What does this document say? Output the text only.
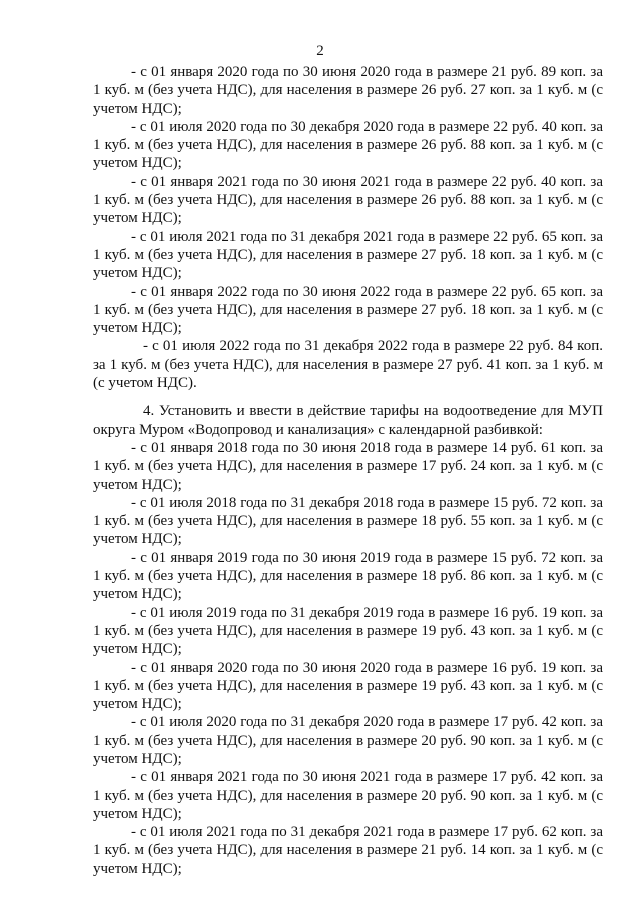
2

- с 01 января 2020 года по 30 июня 2020 года в размере 21 руб. 89 коп. за 1 куб. м (без учета НДС), для населения в размере 26 руб. 27 коп. за 1 куб. м (с учетом НДС);

- с 01 июля 2020 года по 30 декабря 2020 года в размере 22 руб. 40 коп. за 1 куб. м (без учета НДС), для населения в размере 26 руб. 88 коп. за 1 куб. м (с учетом НДС);

- с 01 января 2021 года по 30 июня 2021 года в размере 22 руб. 40 коп. за 1 куб. м (без учета НДС), для населения в размере 26 руб. 88 коп. за 1 куб. м (с учетом НДС);

- с 01 июля 2021 года по 31 декабря 2021 года в размере 22 руб. 65 коп. за 1 куб. м (без учета НДС), для населения в размере 27 руб. 18 коп. за 1 куб. м (с учетом НДС);

- с 01 января 2022 года по 30 июня 2022 года в размере 22 руб. 65 коп. за 1 куб. м (без учета НДС), для населения в размере 27 руб. 18 коп. за 1 куб. м (с учетом НДС);

- с 01 июля 2022 года по 31 декабря 2022 года в размере 22 руб. 84 коп. за 1 куб. м (без учета НДС), для населения в размере 27 руб. 41 коп. за 1 куб. м (с учетом НДС).

4. Установить и ввести в действие тарифы на водоотведение для МУП округа Муром «Водопровод и канализация» с календарной разбивкой:

- с 01 января 2018 года по 30 июня 2018 года в размере 14 руб. 61 коп. за 1 куб. м (без учета НДС), для населения в размере 17 руб. 24 коп. за 1 куб. м (с учетом НДС);

- с 01 июля 2018 года по 31 декабря 2018 года в размере 15 руб. 72 коп. за 1 куб. м (без учета НДС), для населения в размере 18 руб. 55 коп. за 1 куб. м (с учетом НДС);

- с 01 января 2019 года по 30 июня 2019 года в размере 15 руб. 72 коп. за 1 куб. м (без учета НДС), для населения в размере 18 руб. 86 коп. за 1 куб. м (с учетом НДС);

- с 01 июля 2019 года по 31 декабря 2019 года в размере 16 руб. 19 коп. за 1 куб. м (без учета НДС), для населения в размере 19 руб. 43 коп. за 1 куб. м (с учетом НДС);

- с 01 января 2020 года по 30 июня 2020 года в размере 16 руб. 19 коп. за 1 куб. м (без учета НДС), для населения в размере 19 руб. 43 коп. за 1 куб. м (с учетом НДС);

- с 01 июля 2020 года по 31 декабря 2020 года в размере 17 руб. 42 коп. за 1 куб. м (без учета НДС), для населения в размере 20 руб. 90 коп. за 1 куб. м (с учетом НДС);

- с 01 января 2021 года по 30 июня 2021 года в размере 17 руб. 42 коп. за 1 куб. м (без учета НДС), для населения в размере 20 руб. 90 коп. за 1 куб. м (с учетом НДС);

- с 01 июля 2021 года по 31 декабря 2021 года в размере 17 руб. 62 коп. за 1 куб. м (без учета НДС), для населения в размере 21 руб. 14 коп. за 1 куб. м (с учетом НДС);
